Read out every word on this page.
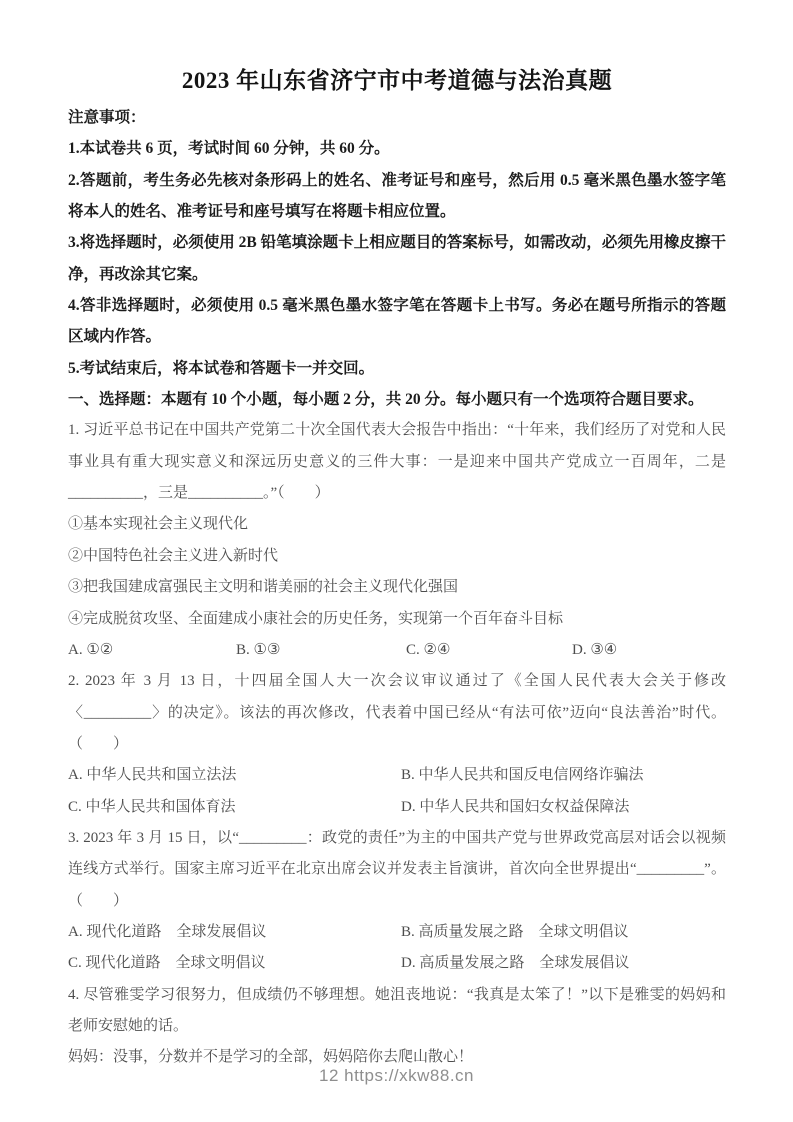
2023 年山东省济宁市中考道德与法治真题

注意事项：

1.本试卷共 6 页，考试时间 60 分钟，共 60 分。

2.答题前，考生务必先核对条形码上的姓名、准考证号和座号，然后用 0.5 毫米黑色墨水签字笔将本人的姓名、准考证号和座号填写在将题卡相应位置。

3.将选择题时，必须使用 2B 铅笔填涂题卡上相应题目的答案标号，如需改动，必须先用橡皮擦干净，再改涂其它案。

4.答非选择题时，必须使用 0.5 毫米黑色墨水签字笔在答题卡上书写。务必在题号所指示的答题区域内作答。

5.考试结束后，将本试卷和答题卡一并交回。

一、选择题：本题有 10 个小题，每小题 2 分，共 20 分。每小题只有一个选项符合题目要求。

1. 习近平总书记在中国共产党第二十次全国代表大会报告中指出：“十年来，我们经历了对党和人民事业具有重大现实意义和深远历史意义的三件大事：一是迎来中国共产党成立一百周年，二是__________，三是__________。”（　　）

①基本实现社会主义现代化

②中国特色社会主义进入新时代

③把我国建成富强民主文明和谐美丽的社会主义现代化强国

④完成脱贫攻坚、全面建成小康社会的历史任务，实现第一个百年奋斗目标

A. ①②	B. ①③	C. ②④	D. ③④

2. 2023 年 3 月 13 日，十四届全国人大一次会议审议通过了《全国人民代表大会关于修改〈_________〉的决定》。该法的再次修改，代表着中国已经从“有法可依”迈向“良法善治”时代。（　　）

A. 中华人民共和国立法法	B. 中华人民共和国反电信网络诈骗法
C. 中华人民共和国体育法	D. 中华人民共和国妇女权益保障法

3. 2023 年 3 月 15 日，以“_________：政党的责任”为主的中国共产党与世界政党高层对话会以视频连线方式举行。国家主席习近平在北京出席会议并发表主旨演讲，首次向全世界提出“_________”。（　　）

A. 现代化道路　全球发展倡议	B. 高质量发展之路　全球文明倡议
C. 现代化道路　全球文明倡议	D. 高质量发展之路　全球发展倡议

4. 尽管雅雯学习很努力，但成绩仍不够理想。她沮丧地说：“我真是太笨了！”以下是雅雯的妈妈和老师安慰她的话。

妈妈：没事，分数并不是学习的全部，妈妈陪你去爬山散心！

12 https://xkw88.cn
